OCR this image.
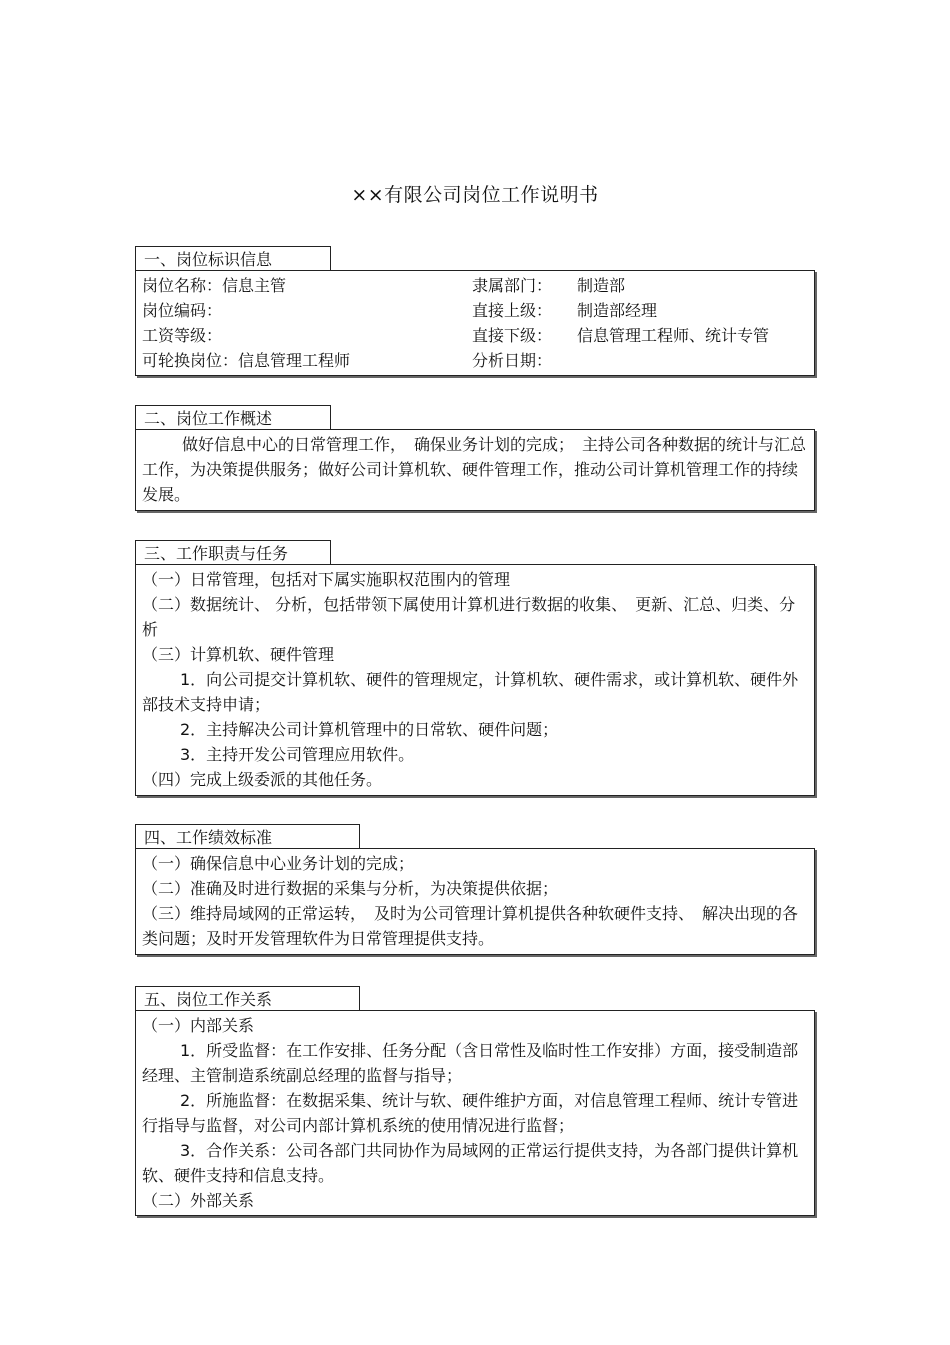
××有限公司岗位工作说明书
一、岗位标识信息
岗位名称：信息主管	隶属部门：	制造部
岗位编码：	直接上级：	制造部经理
工资等级：	直接下级：	信息管理工程师、统计专管
可轮换岗位：信息管理工程师	分析日期：
二、岗位工作概述

做好信息中心的日常管理工作，　确保业务计划的完成；　主持公司各种数据的统计与汇总工作，为决策提供服务；做好公司计算机软、硬件管理工作，推动公司计算机管理工作的持续发展。

三、工作职责与任务

（一）日常管理，包括对下属实施职权范围内的管理

（二）数据统计、 分析，包括带领下属使用计算机进行数据的收集、　更新、汇总、归类、分析

（三）计算机软、硬件管理

1．向公司提交计算机软、硬件的管理规定，计算机软、硬件需求，或计算机软、硬件外部技术支持申请；

2．主持解决公司计算机管理中的日常软、硬件问题；

3．主持开发公司管理应用软件。

（四）完成上级委派的其他任务。

四、工作绩效标准

（一）确保信息中心业务计划的完成；

（二）准确及时进行数据的采集与分析，为决策提供依据；

（三）维持局域网的正常运转，　及时为公司管理计算机提供各种软硬件支持、　解决出现的各类问题；及时开发管理软件为日常管理提供支持。

五、岗位工作关系

（一）内部关系

1．所受监督：在工作安排、任务分配（含日常性及临时性工作安排）方面，接受制造部经理、主管制造系统副总经理的监督与指导；

2．所施监督：在数据采集、统计与软、硬件维护方面，对信息管理工程师、统计专管进行指导与监督，对公司内部计算机系统的使用情况进行监督；

3．合作关系：公司各部门共同协作为局域网的正常运行提供支持，为各部门提供计算机软、硬件支持和信息支持。

（二）外部关系
